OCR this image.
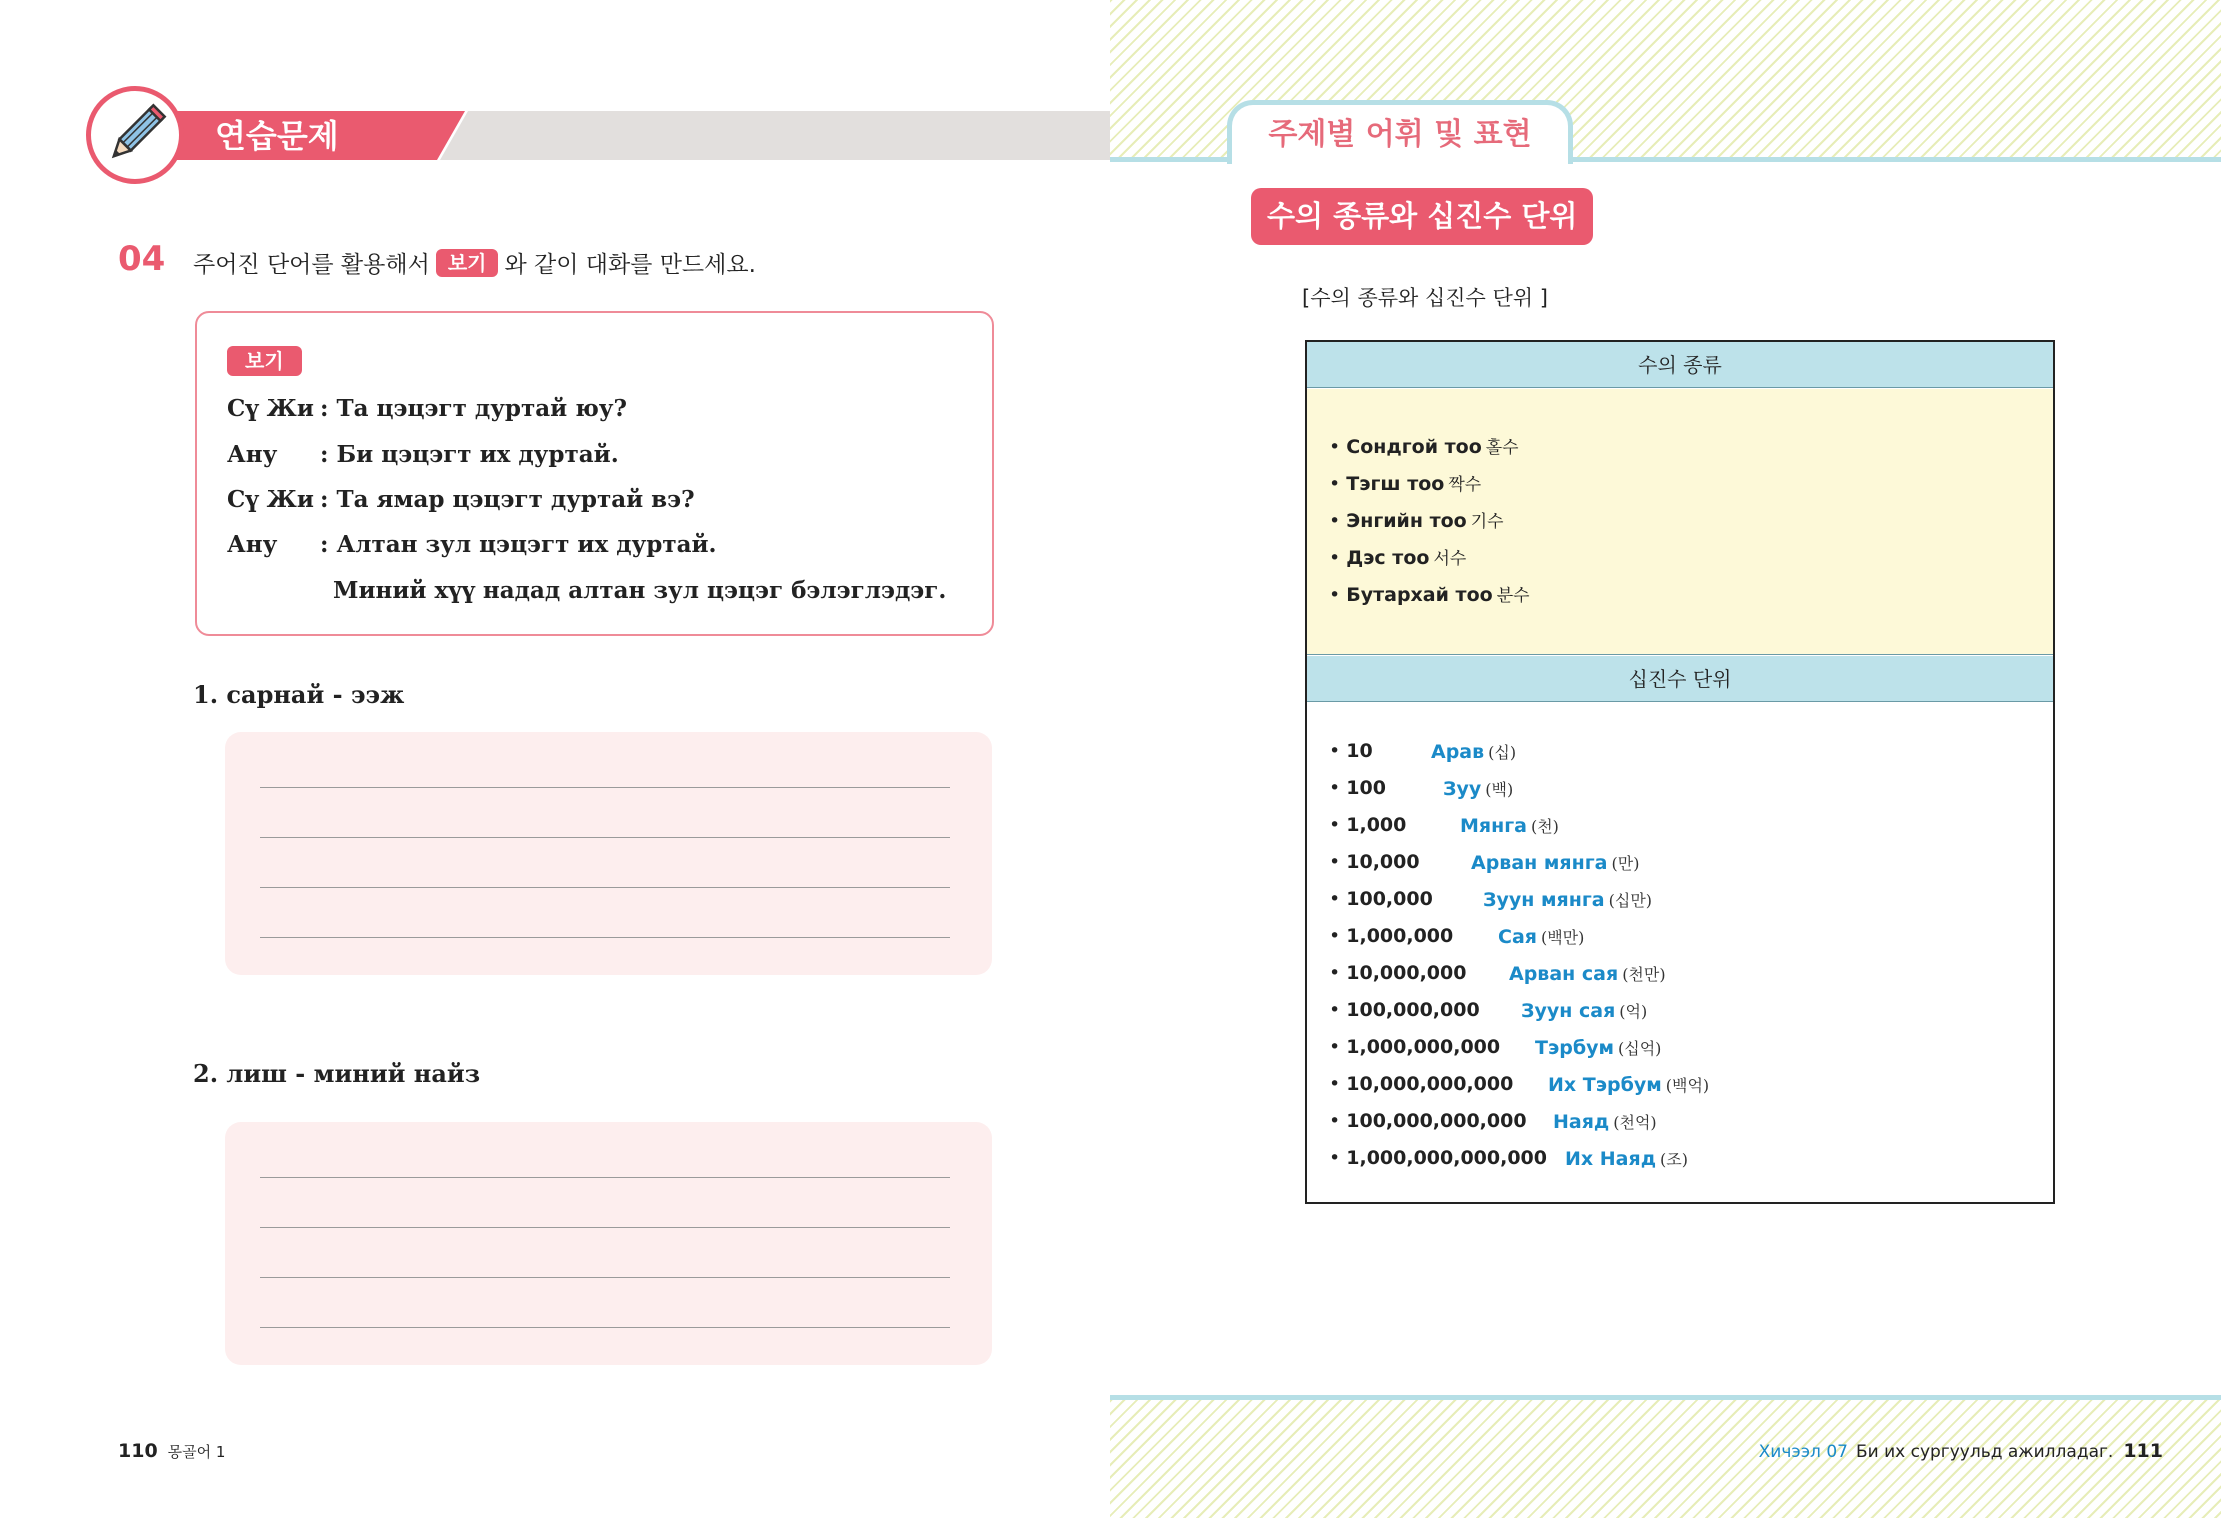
연습문제
04 주어진 단어를 활용해서 보기 와 같이 대화를 만드세요.
보기
Сү Жи : Та цэцэгт дуртай юу?
Ану : Би цэцэгт их дуртай.
Сү Жи : Та ямар цэцэгт дуртай вэ?
Ану : Алтан зул цэцэгт их дуртай.
Миний хүү надад алтан зул цэцэг бэлэглэдэг.
1. сарнай - ээж
2. лиш - миний найз
110 몽골어 1
주제별 어휘 및 표현
수의 종류와 십진수 단위
[수의 종류와 십진수 단위 ]
수의 종류
• Сондгой тоо 홀수
• Тэгш тоо 짝수
• Энгийн тоо 기수
• Дэс тоо 서수
• Бутархай тоо 분수
십진수 단위
• 10	Арав (십)
• 100	Зуу (백)
• 1,000	Мянга (천)
• 10,000	Арван мянга (만)
• 100,000	Зуун мянга (십만)
• 1,000,000 Сая (백만)
• 10,000,000 Арван сая (천만)
• 100,000,000 Зуун сая (억)
• 1,000,000,000 Тэрбум (십억)
• 10,000,000,000 Их Тэрбум (백억)
• 100,000,000,000 Наяд (천억)
• 1,000,000,000,000 Их Наяд (조)
Хичээл 07 Би их сургуульд ажилладаг. 111
